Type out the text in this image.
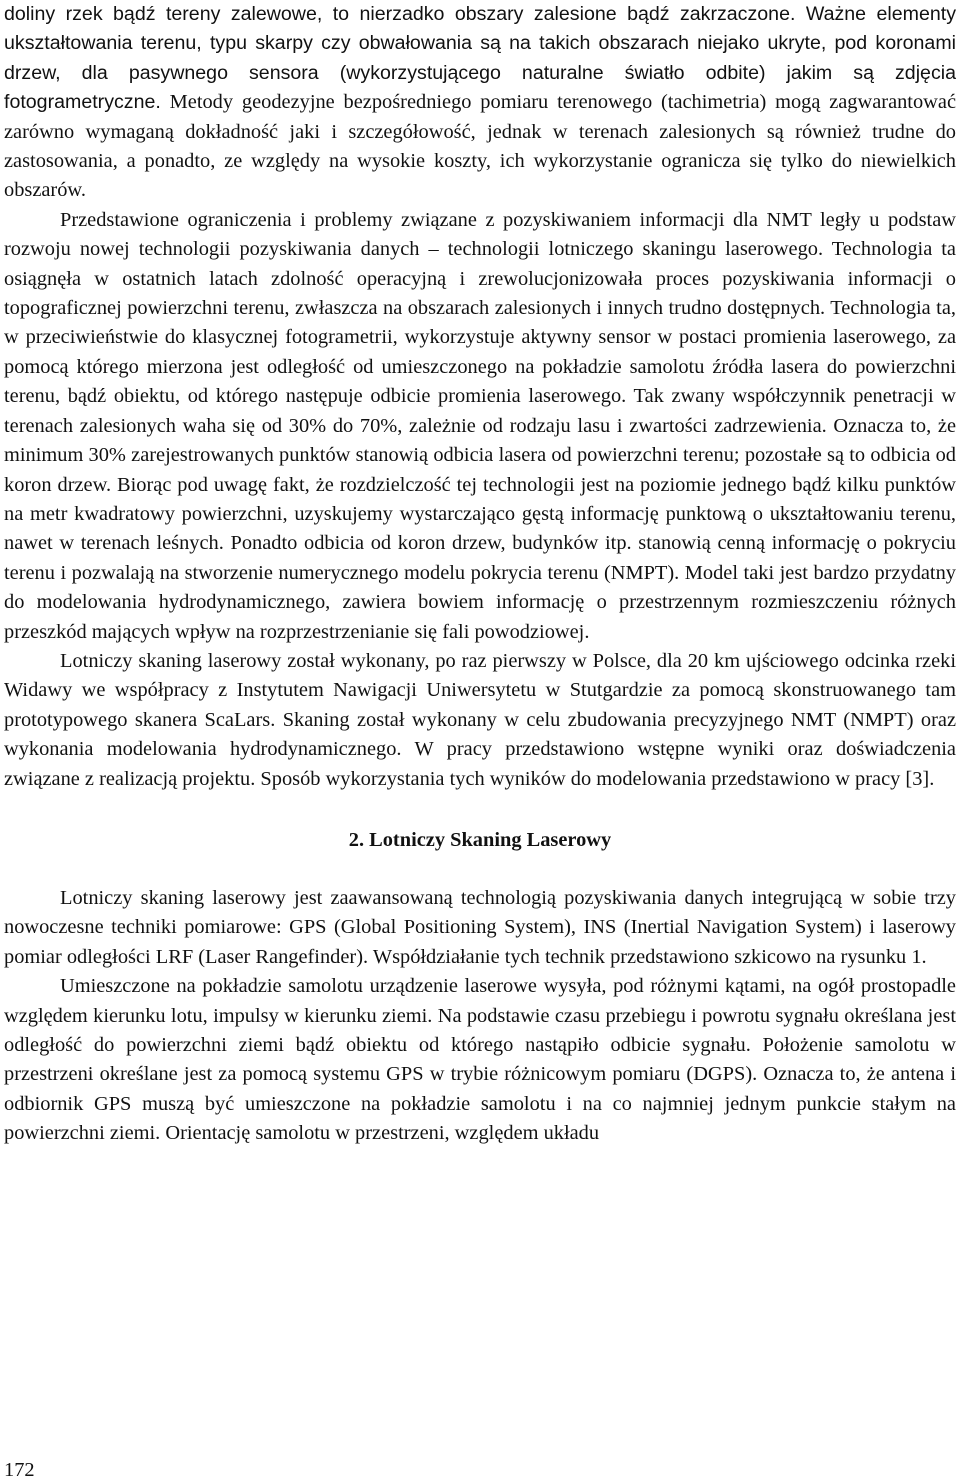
doliny rzek bądź tereny zalewowe, to nierzadko obszary zalesione bądź zakrzaczone. Ważne elementy ukształtowania terenu, typu skarpy czy obwałowania są na takich obszarach niejako ukryte, pod koronami drzew, dla pasywnego sensora (wykorzystującego naturalne światło odbite) jakim są zdjęcia fotogrametryczne. Metody geodezyjne bezpośredniego pomiaru terenowego (tachimetria) mogą zagwarantować zarówno wymaganą dokładność jaki i szczegółowość, jednak w terenach zalesionych są również trudne do zastosowania, a ponadto, ze względy na wysokie koszty, ich wykorzystanie ogranicza się tylko do niewielkich obszarów.

Przedstawione ograniczenia i problemy związane z pozyskiwaniem informacji dla NMT legły u podstaw rozwoju nowej technologii pozyskiwania danych – technologii lotniczego skaningu laserowego. Technologia ta osiągnęła w ostatnich latach zdolność operacyjną i zrewolucjonizowała proces pozyskiwania informacji o topograficznej powierzchni terenu, zwłaszcza na obszarach zalesionych i innych trudno dostępnych. Technologia ta, w przeciwieństwie do klasycznej fotogrametrii, wykorzystuje aktywny sensor w postaci promienia laserowego, za pomocą którego mierzona jest odległość od umieszczonego na pokładzie samolotu źródła lasera do powierzchni terenu, bądź obiektu, od którego następuje odbicie promienia laserowego. Tak zwany współczynnik penetracji w terenach zalesionych waha się od 30% do 70%, zależnie od rodzaju lasu i zwartości zadrzewienia. Oznacza to, że minimum 30% zarejestrowanych punktów stanowią odbicia lasera od powierzchni terenu; pozostałe są to odbicia od koron drzew. Biorąc pod uwagę fakt, że rozdzielczość tej technologii jest na poziomie jednego bądź kilku punktów na metr kwadratowy powierzchni, uzyskujemy wystarczająco gęstą informację punktową o ukształtowaniu terenu, nawet w terenach leśnych. Ponadto odbicia od koron drzew, budynków itp. stanowią cenną informację o pokryciu terenu i pozwalają na stworzenie numerycznego modelu pokrycia terenu (NMPT). Model taki jest bardzo przydatny do modelowania hydrodynamicznego, zawiera bowiem informację o przestrzennym rozmieszczeniu różnych przeszkód mających wpływ na rozprzestrzenianie się fali powodziowej.

Lotniczy skaning laserowy został wykonany, po raz pierwszy w Polsce, dla 20 km ujściowego odcinka rzeki Widawy we współpracy z Instytutem Nawigacji Uniwersytetu w Stutgardzie za pomocą skonstruowanego tam prototypowego skanera ScaLars. Skaning został wykonany w celu zbudowania precyzyjnego NMT (NMPT) oraz wykonania modelowania hydrodynamicznego. W pracy przedstawiono wstępne wyniki oraz doświadczenia związane z realizacją projektu. Sposób wykorzystania tych wyników do modelowania przedstawiono w pracy [3].

2. Lotniczy Skaning Laserowy

Lotniczy skaning laserowy jest zaawansowaną technologią pozyskiwania danych integrującą w sobie trzy nowoczesne techniki pomiarowe: GPS (Global Positioning System), INS (Inertial Navigation System) i laserowy pomiar odległości LRF (Laser Rangefinder). Współdziałanie tych technik przedstawiono szkicowo na rysunku 1.

Umieszczone na pokładzie samolotu urządzenie laserowe wysyła, pod różnymi kątami, na ogół prostopadle względem kierunku lotu, impulsy w kierunku ziemi. Na podstawie czasu przebiegu i powrotu sygnału określana jest odległość do powierzchni ziemi bądź obiektu od którego nastąpiło odbicie sygnału. Położenie samolotu w przestrzeni określane jest za pomocą systemu GPS w trybie różnicowym pomiaru (DGPS). Oznacza to, że antena i odbiornik GPS muszą być umieszczone na pokładzie samolotu i na co najmniej jednym punkcie stałym na powierzchni ziemi. Orientację samolotu w przestrzeni, względem układu

172
